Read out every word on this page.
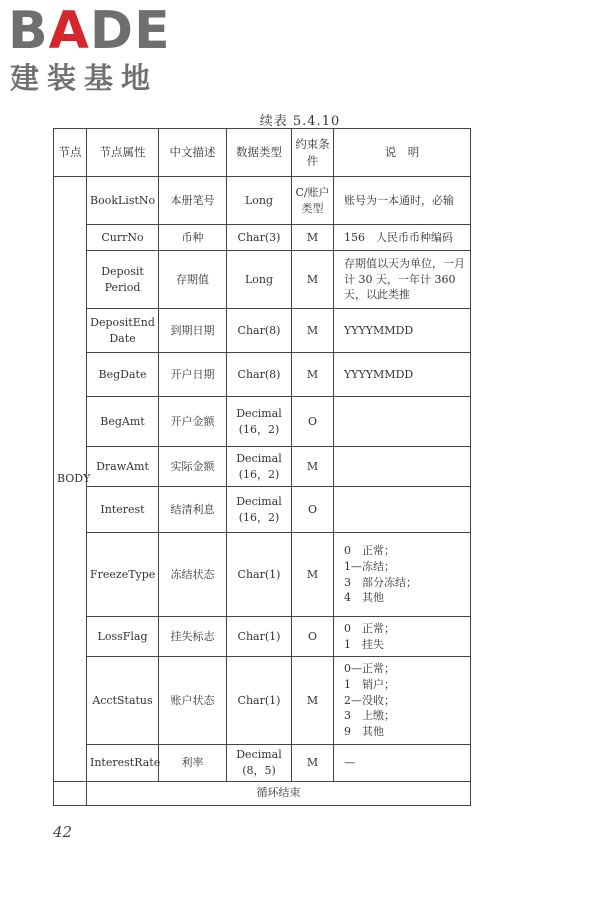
BADE
建装基地
续表 5.4.10
节点	节点属性	中文描述	数据类型	约束条件	说　明
BODY	BookListNo	本册笔号	Long	C/账户类型	账号为一本通时，必输
	CurrNo	币种	Char(3)	M	156　人民币币种编码
	Deposit Period	存期值	Long	M	存期值以天为单位，一月计 30 天，一年计 360 天，以此类推
	DepositEnd Date	到期日期	Char(8)	M	YYYYMMDD
	BegDate	开户日期	Char(8)	M	YYYYMMDD
	BegAmt	开户金额	Decimal (16，2)	O	
	DrawAmt	实际金额	Decimal (16，2)	M	
	Interest	结清利息	Decimal (16，2)	O	
	FreezeType	冻结状态	Char(1)	M	0　正常；
1—冻结；
3　部分冻结；
4　其他

	LossFlag	挂失标志	Char(1)	O	0　正常；
1　挂失

	AcctStatus	账户状态	Char(1)	M	0—正常；
1　销户；
2—没收；
3　上缴；
9　其他

	InterestRate	利率	Decimal (8，5)	M	—
	循环结束				
42
